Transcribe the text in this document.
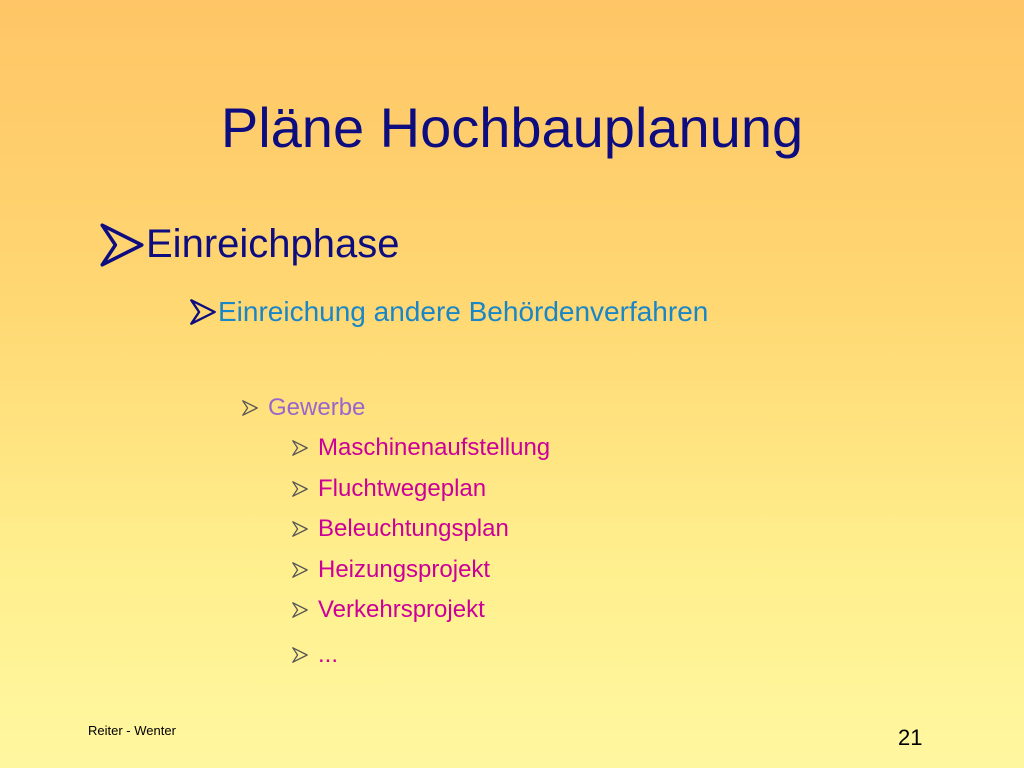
Pläne Hochbauplanung
Einreichphase
Einreichung andere Behördenverfahren
Gewerbe
Maschinenaufstellung
Fluchtwegeplan
Beleuchtungsplan
Heizungsprojekt
Verkehrsprojekt
...
Reiter - Wenter	21
